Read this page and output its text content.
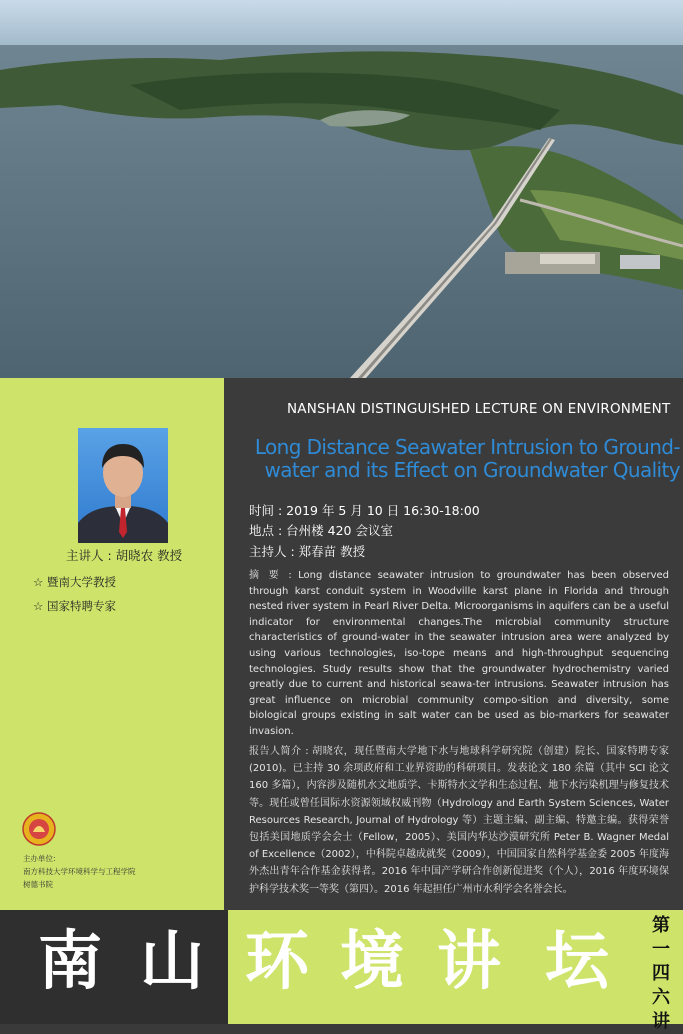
NANSHAN DISTINGUISHED LECTURE ON ENVIRONMENT
Long Distance Seawater Intrusion to Ground-
water and its Effect on Groundwater Quality
时间 : 2019 年 5 月 10 日 16:30-18:00
地点 : 台州楼 420 会议室
主持人 : 郑春苗 教授
摘 要 : Long distance seawater intrusion to groundwater has been observed through karst conduit system in Woodville karst plane in Florida and through nested river system in Pearl River Delta. Microorganisms in aquifers can be a useful indicator for environmental changes.The microbial community structure characteristics of ground-water in the seawater intrusion area were analyzed by using various technologies, iso-tope means and high-throughput sequencing technologies. Study results show that the groundwater hydrochemistry varied greatly due to current and historical seawa-ter intrusions. Seawater intrusion has great influence on microbial community compo-sition and diversity, some biological groups existing in salt water can be used as bio-markers for seawater invasion.
报告人简介 : 胡晓农，现任暨南大学地下水与地球科学研究院（创建）院长、国家特聘专家(2010)。已主持 30 余项政府和工业界资助的科研项目。发表论文 180 余篇（其中 SCI 论文 160 多篇），内容涉及随机水文地质学、卡斯特水文学和生态过程、地下水污染机理与修复技术等。现任或曾任国际水资源领域权威刊物（Hydrology and Earth System Sciences, Water Resources Research, Journal of Hydrology 等）主题主编、副主编、特邀主编。获得荣誉包括美国地质学会会士（Fellow，2005）、美国内华达沙漠研究所 Peter B. Wagner Medal of Excellence（2002），中科院卓越成就奖（2009），中国国家自然科学基金委 2005 年度海外杰出青年合作基金获得者。2016 年中国产学研合作创新促进奖（个人），2016 年度环境保护科学技术奖一等奖（第四）。2016 年起担任广州市水利学会名誉会长。
主讲人 : 胡晓农 教授
☆ 暨南大学教授
☆ 国家特聘专家
主办单位:
南方科技大学环境科学与工程学院
树德书院
南 山 环 境 讲 坛	第
一
四
六
讲
